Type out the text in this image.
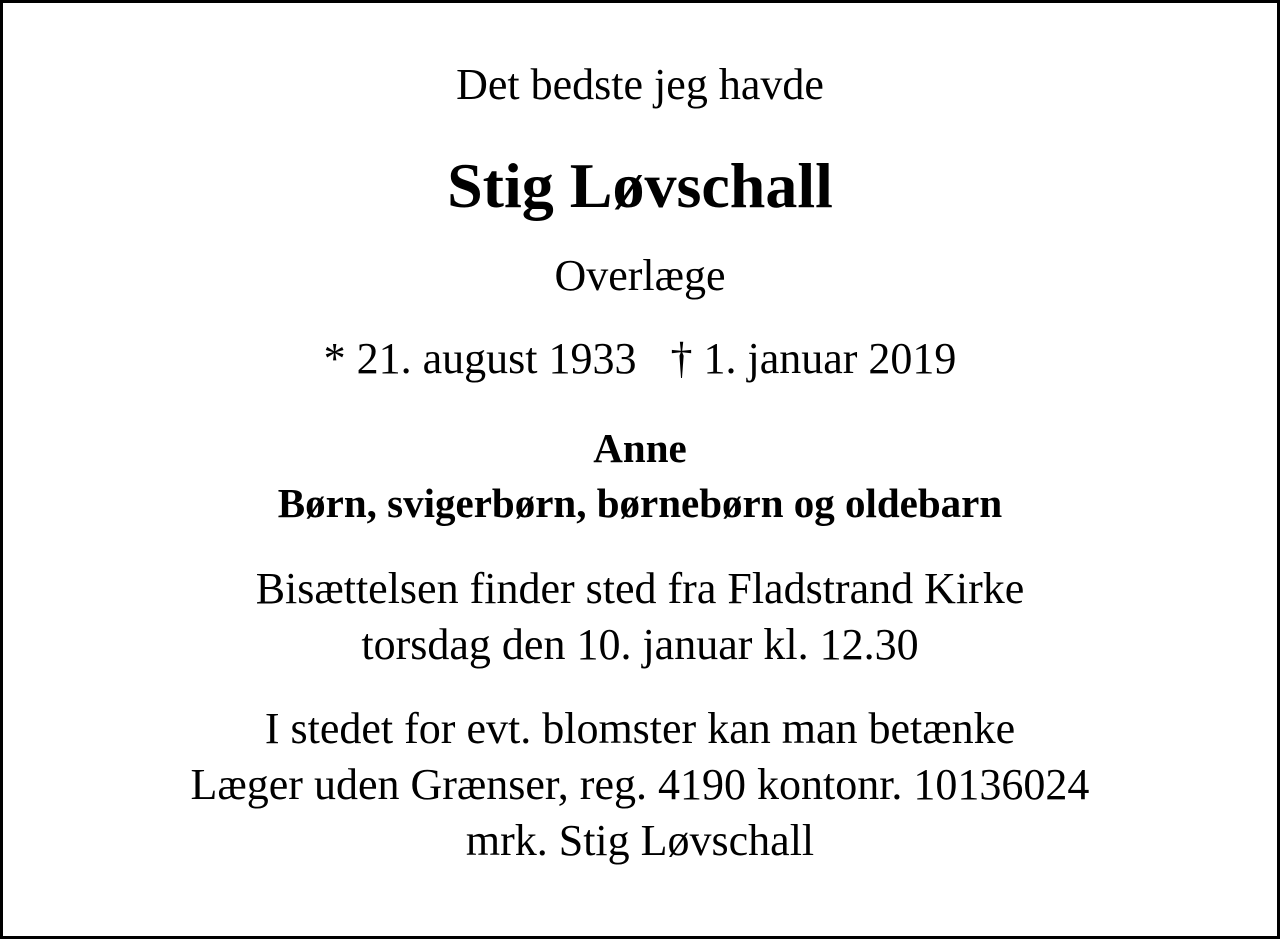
Det bedste jeg havde
Stig Løvschall
Overlæge
* 21. august 1933 † 1. januar 2019
Anne
Børn, svigerbørn, børnebørn og oldebarn
Bisættelsen finder sted fra Fladstrand Kirke
torsdag den 10. januar kl. 12.30
I stedet for evt. blomster kan man betænke
Læger uden Grænser, reg. 4190 kontonr. 10136024
mrk. Stig Løvschall
